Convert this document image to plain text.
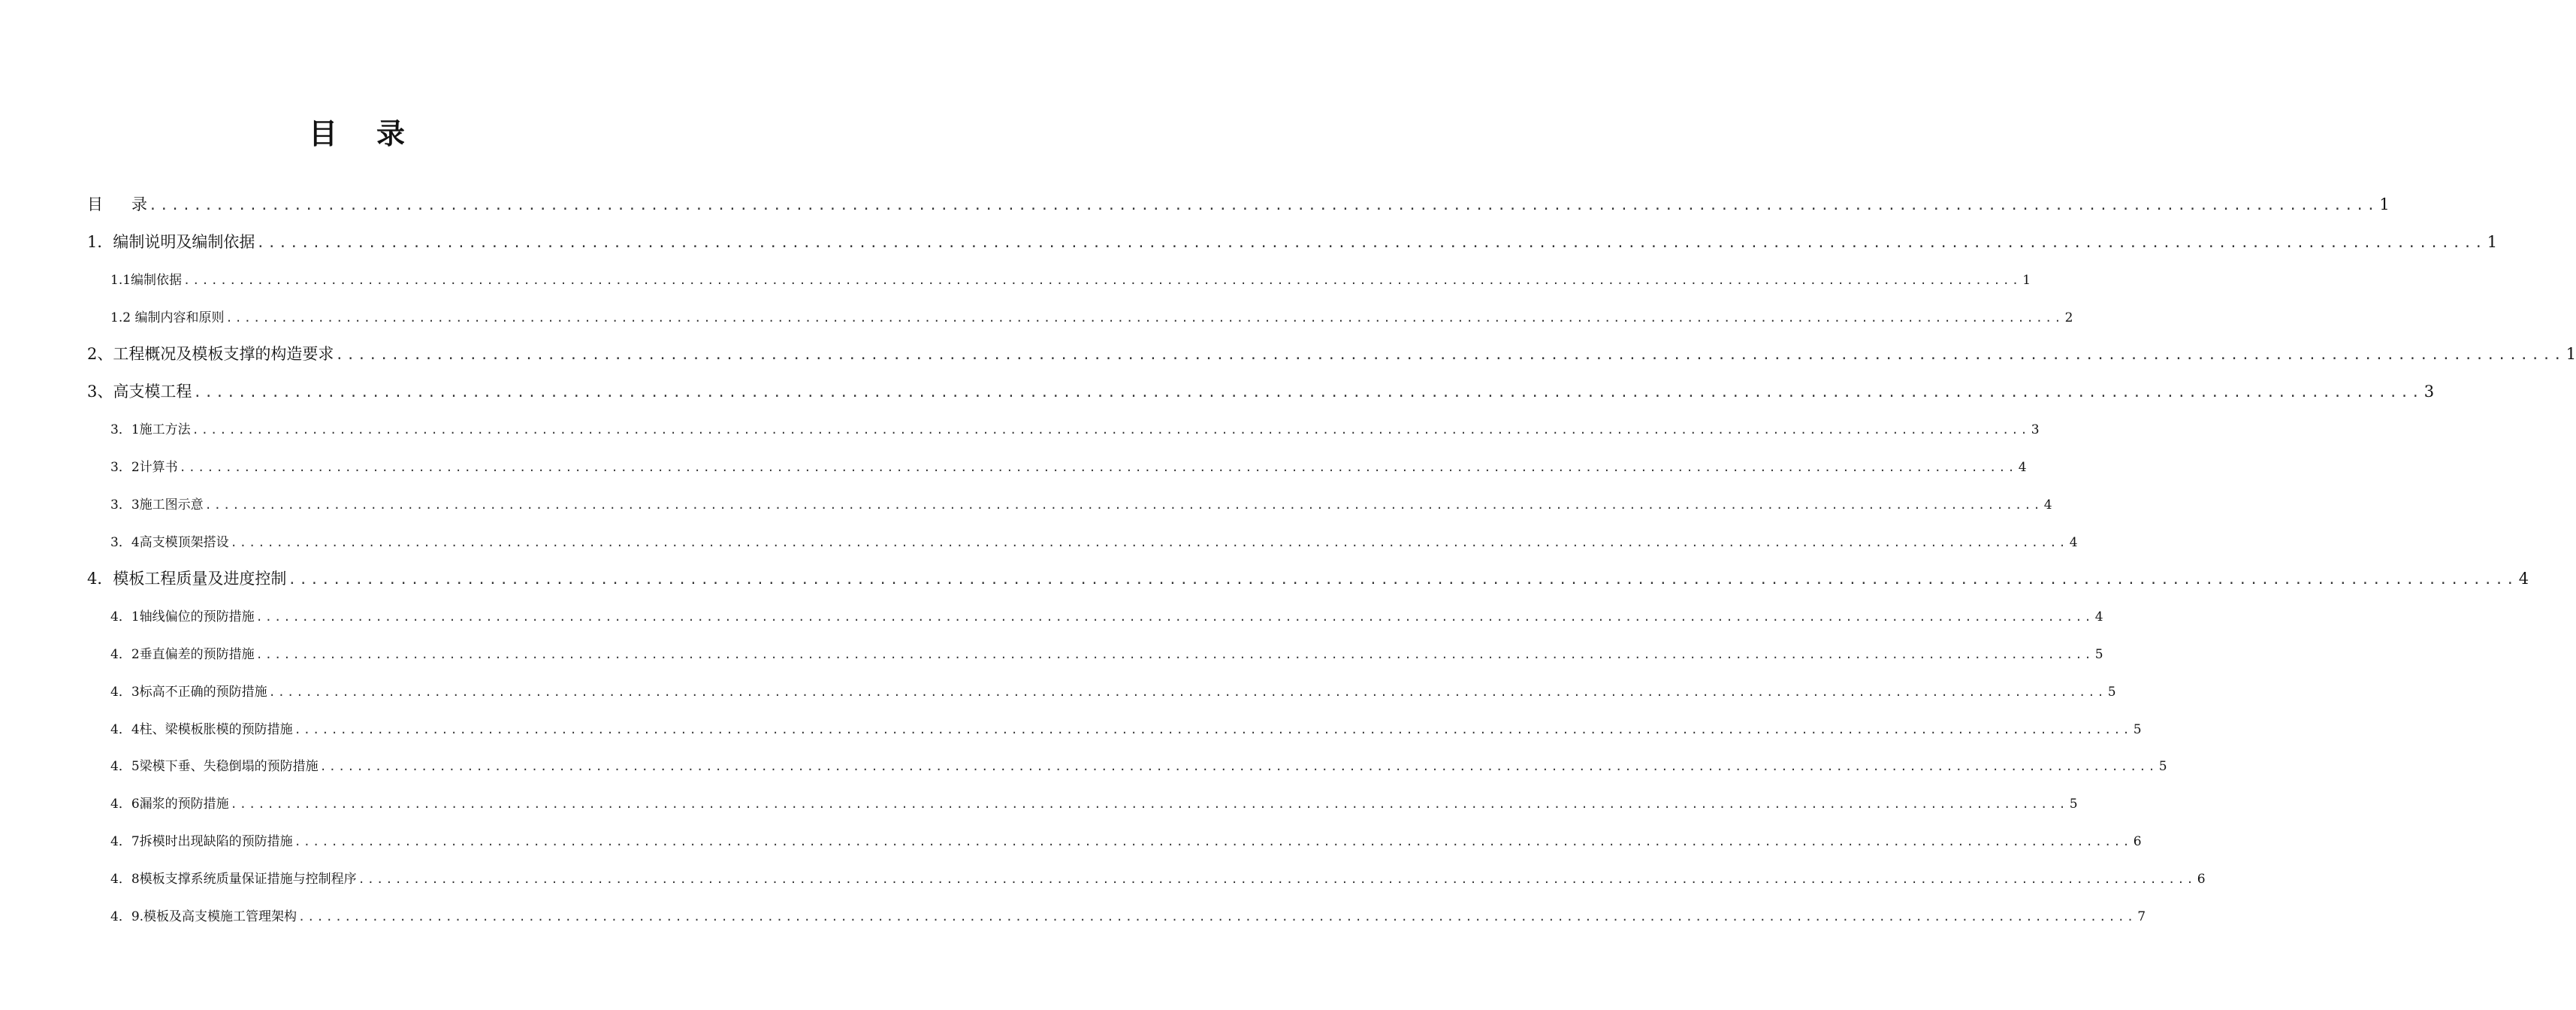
目 录
目 录 ........................................................................................................................................................................................................ 1
1．编制说明及编制依据 ........................................................................................................................................................................................................ 1
1.1编制依据 ........................................................................................................................................................................................................ 1
1.2 编制内容和原则 ........................................................................................................................................................................................................ 2
2、工程概况及模板支撑的构造要求 ........................................................................................................................................................................................................ 1
3、高支模工程 ........................................................................................................................................................................................................ 3
3．1施工方法 ........................................................................................................................................................................................................ 3
3．2计算书 ........................................................................................................................................................................................................ 4
3．3施工图示意 ........................................................................................................................................................................................................ 4
3．4高支模顶架搭设 ........................................................................................................................................................................................................ 4
4．模板工程质量及进度控制 ........................................................................................................................................................................................................ 4
4．1轴线偏位的预防措施 ........................................................................................................................................................................................................ 4
4．2垂直偏差的预防措施 ........................................................................................................................................................................................................ 5
4．3标高不正确的预防措施 ........................................................................................................................................................................................................ 5
4．4柱、梁模板胀模的预防措施 ........................................................................................................................................................................................................ 5
4．5梁模下垂、失稳倒塌的预防措施 ........................................................................................................................................................................................................ 5
4．6漏浆的预防措施 ........................................................................................................................................................................................................ 5
4．7拆模时出现缺陷的预防措施 ........................................................................................................................................................................................................ 6
4．8模板支撑系统质量保证措施与控制程序 ........................................................................................................................................................................................................ 6
4．9.模板及高支模施工管理架构 ........................................................................................................................................................................................................ 7
